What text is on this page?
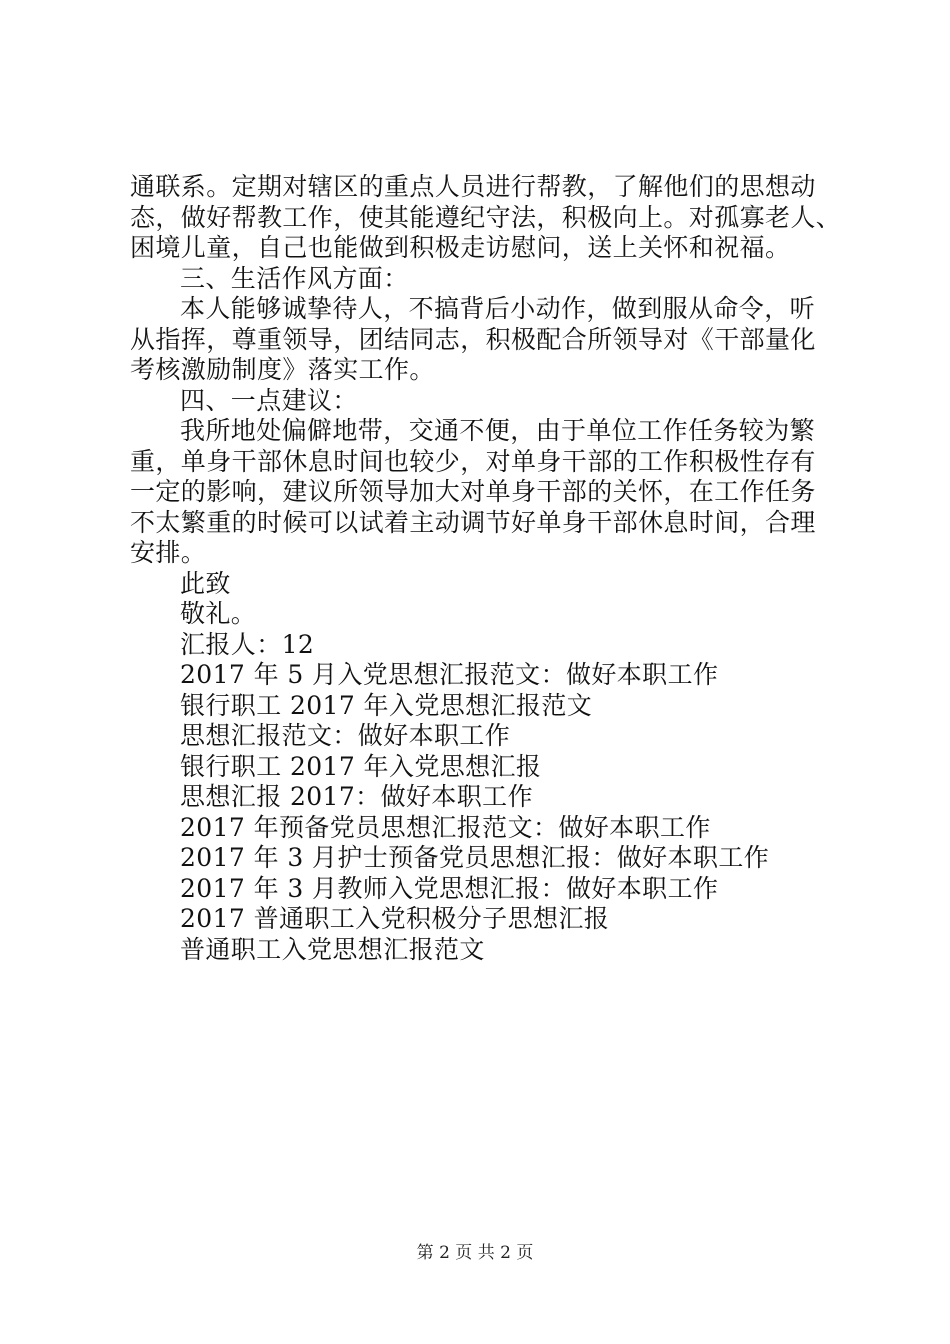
通联系。定期对辖区的重点人员进行帮教，了解他们的思想动
态，做好帮教工作，使其能遵纪守法，积极向上。对孤寡老人、
困境儿童，自己也能做到积极走访慰问，送上关怀和祝福。
三、生活作风方面：
本人能够诚挚待人，不搞背后小动作，做到服从命令，听
从指挥，尊重领导，团结同志，积极配合所领导对《干部量化
考核激励制度》落实工作。
四、一点建议：
我所地处偏僻地带，交通不便，由于单位工作任务较为繁
重，单身干部休息时间也较少，对单身干部的工作积极性存有
一定的影响，建议所领导加大对单身干部的关怀，在工作任务
不太繁重的时候可以试着主动调节好单身干部休息时间，合理
安排。
此致
敬礼。
汇报人：12
2017 年 5 月入党思想汇报范文：做好本职工作
银行职工 2017 年入党思想汇报范文
思想汇报范文：做好本职工作
银行职工 2017 年入党思想汇报
思想汇报 2017：做好本职工作
2017 年预备党员思想汇报范文：做好本职工作
2017 年 3 月护士预备党员思想汇报：做好本职工作
2017 年 3 月教师入党思想汇报：做好本职工作
2017 普通职工入党积极分子思想汇报
普通职工入党思想汇报范文
第 2 页 共 2 页
